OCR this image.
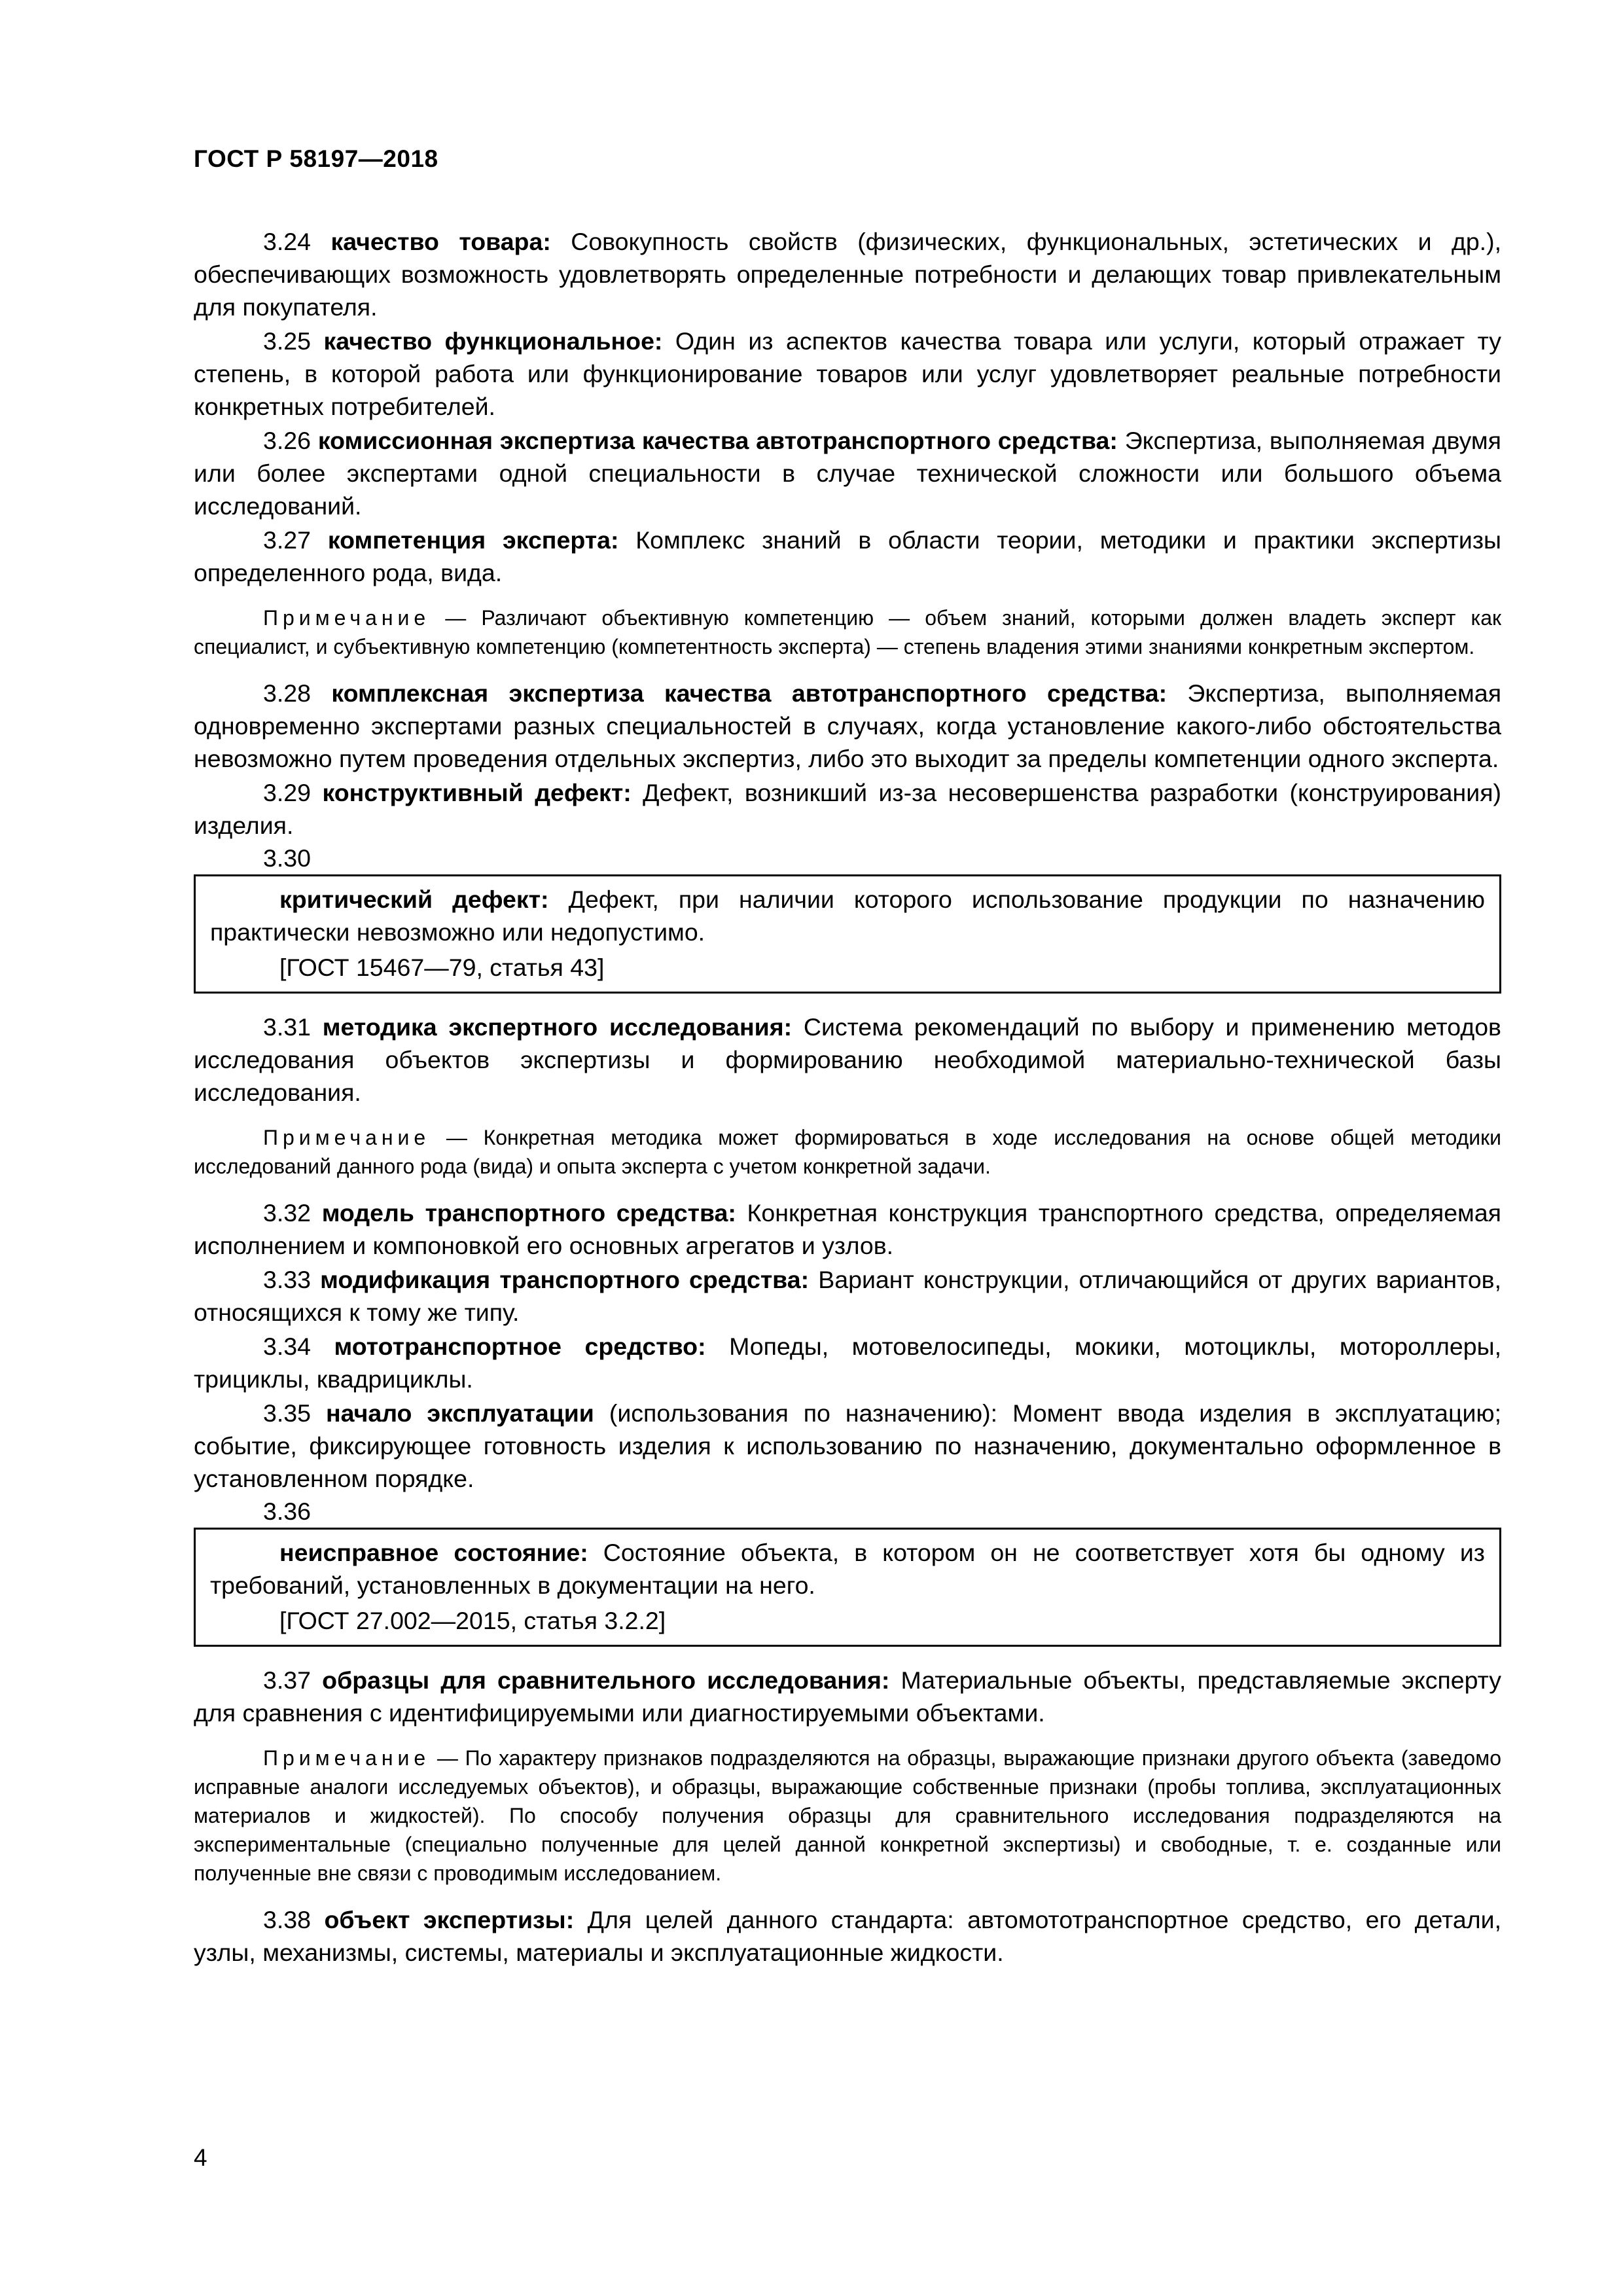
ГОСТ Р 58197—2018

3.24 качество товара: Совокупность свойств (физических, функциональных, эстетических и др.), обеспечивающих возможность удовлетворять определенные потребности и делающих товар привлекательным для покупателя.

3.25 качество функциональное: Один из аспектов качества товара или услуги, который отражает ту степень, в которой работа или функционирование товаров или услуг удовлетворяет реальные потребности конкретных потребителей.

3.26 комиссионная экспертиза качества автотранспортного средства: Экспертиза, выполняемая двумя или более экспертами одной специальности в случае технической сложности или большого объема исследований.

3.27 компетенция эксперта: Комплекс знаний в области теории, методики и практики экспертизы определенного рода, вида.

Примечание — Различают объективную компетенцию — объем знаний, которыми должен владеть эксперт как специалист, и субъективную компетенцию (компетентность эксперта) — степень владения этими знаниями конкретным экспертом.

3.28 комплексная экспертиза качества автотранспортного средства: Экспертиза, выполняемая одновременно экспертами разных специальностей в случаях, когда установление какого-либо обстоятельства невозможно путем проведения отдельных экспертиз, либо это выходит за пределы компетенции одного эксперта.

3.29 конструктивный дефект: Дефект, возникший из-за несовершенства разработки (конструирования) изделия.

3.30

критический дефект: Дефект, при наличии которого использование продукции по назначению практически невозможно или недопустимо.

[ГОСТ 15467—79, статья 43]

3.31 методика экспертного исследования: Система рекомендаций по выбору и применению методов исследования объектов экспертизы и формированию необходимой материально-технической базы исследования.

Примечание — Конкретная методика может формироваться в ходе исследования на основе общей методики исследований данного рода (вида) и опыта эксперта с учетом конкретной задачи.

3.32 модель транспортного средства: Конкретная конструкция транспортного средства, определяемая исполнением и компоновкой его основных агрегатов и узлов.

3.33 модификация транспортного средства: Вариант конструкции, отличающийся от других вариантов, относящихся к тому же типу.

3.34 мототранспортное средство: Мопеды, мотовелосипеды, мокики, мотоциклы, мотороллеры, трициклы, квадрициклы.

3.35 начало эксплуатации (использования по назначению): Момент ввода изделия в эксплуатацию; событие, фиксирующее готовность изделия к использованию по назначению, документально оформленное в установленном порядке.

3.36

неисправное состояние: Состояние объекта, в котором он не соответствует хотя бы одному из требований, установленных в документации на него.

[ГОСТ 27.002—2015, статья 3.2.2]

3.37 образцы для сравнительного исследования: Материальные объекты, представляемые эксперту для сравнения с идентифицируемыми или диагностируемыми объектами.

Примечание — По характеру признаков подразделяются на образцы, выражающие признаки другого объекта (заведомо исправные аналоги исследуемых объектов), и образцы, выражающие собственные признаки (пробы топлива, эксплуатационных материалов и жидкостей). По способу получения образцы для сравнительного исследования подразделяются на экспериментальные (специально полученные для целей данной конкретной экспертизы) и свободные, т. е. созданные или полученные вне связи с проводимым исследованием.

3.38 объект экспертизы: Для целей данного стандарта: автомототранспортное средство, его детали, узлы, механизмы, системы, материалы и эксплуатационные жидкости.

4
